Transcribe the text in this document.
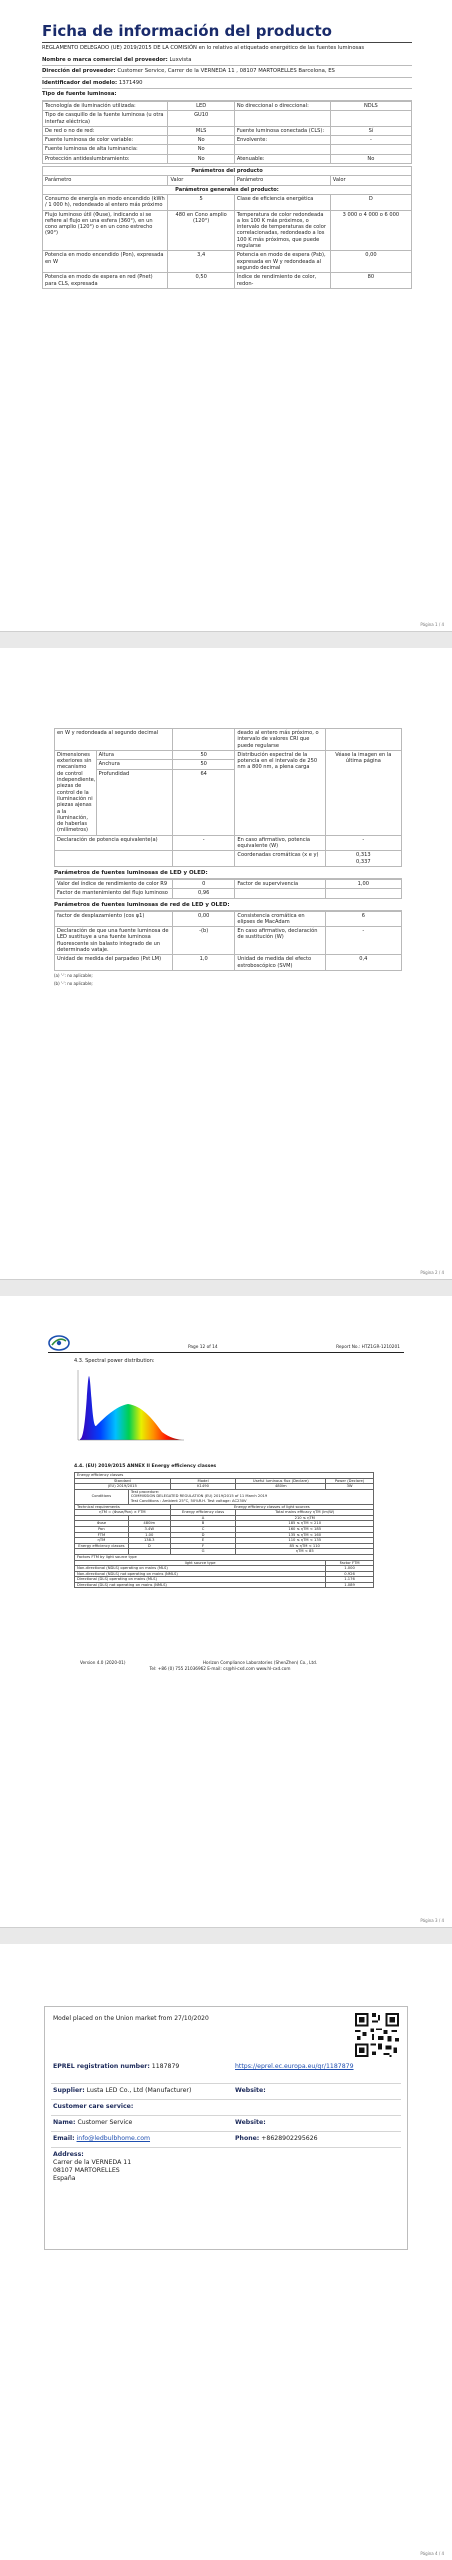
Ficha de información del producto
REGLAMENTO DELEGADO (UE) 2019/2015 DE LA COMISIÓN en lo relativo al etiquetado energético de las fuentes luminosas
Nombre o marca comercial del proveedor: Luxvista
Dirección del proveedor: Customer Service, Carrer de la VERNEDA 11 , 08107 MARTORELLES Barcelona, ES
Identificador del modelo: 1371490
Tipo de fuente luminosa:
Tecnología de iluminación utilizada:	LED	No direccional o direccional:	NDLS
Tipo de casquillo de la fuente luminosa (u otra interfaz eléctrica)	GU10		
De red o no de red:	MLS	Fuente luminosa conectada (CLS):	Sí
Fuente luminosa de color variable:	No	Envolvente:	-
Fuente luminosa de alta luminancia:	No		
Protección antideslumbramiento:	No	Atenuable:	No
Parámetros del producto			
Parámetro	Valor	Parámetro	Valor
Parámetros generales del producto:			
Consumo de energía en modo encendido (kWh / 1 000 h), redondeado al entero más próximo	5	Clase de eficiencia energética	D
Flujo luminoso útil (Φuse), indicando si se refiere al flujo en una esfera (360°), en un cono amplio (120°) o en un cono estrecho (90°)	480 en Cono amplio (120°)	Temperatura de color redondeada a los 100 K más próximos, o intervalo de temperaturas de color correlacionadas, redondeado a los 100 K más próximos, que puede regularse	3 000 o 4 000 o 6 000
Potencia en modo encendido (Pon), expresada en W	3,4	Potencia en modo de espera (Psb), expresada en W y redondeada al segundo decimal	0,00
Potencia en modo de espera en red (Pnet) para CLS, expresada	0,50	Índice de rendimiento de color, redon-	80
Página 1 / 4
en W y redondeada al segundo decimal			deado al entero más próximo, o intervalo de valores CRI que puede regularse	
Dimensiones exteriores sin mecanismo de control independiente, piezas de control de la iluminación ni piezas ajenas a la iluminación, de haberlas (milímetros)	Altura	50	Distribución espectral de la potencia en el intervalo de 250 nm a 800 nm, a plena carga	Véase la imagen en la última página
	Anchura	50		
	Profundidad	64		
Declaración de potencia equivalente(a)		-	En caso afirmativo, potencia equivalente (W)	-
			Coordenadas cromáticas (x e y)	0,313
0,337
Parámetros de fuentes luminosas de LED y OLED:
Valor del índice de rendimiento de color R9	0	Factor de supervivencia	1,00
Factor de mantenimiento del flujo luminoso	0,96		
Parámetros de fuentes luminosas de red de LED y OLED:
factor de desplazamiento (cos φ1)	0,00	Consistencia cromática en elipses de MacAdam	6
Declaración de que una fuente luminosa de LED sustituye a una fuente luminosa fluorescente sin balasto integrado de un determinado vataje.	-(b)	En caso afirmativo, declaración de sustitución (W)	-
Unidad de medida del parpadeo (Pst LM)	1,0	Unidad de medida del efecto estroboscópico (SVM)	0,4
(a) '-': no aplicable;
(b) '-': no aplicable;
Página 2 / 4
Page 12 of 14	Report No.: HTZ1GR-1210201
4.3. Spectral power distribution:
4.4. (EU) 2019/2015 ANNEX II Energy efficiency classes
Energy efficiency classes				
Standard		Model	Useful luminous flux (Declare)	Power (Declare)
(EU) 2019/2015		K1490	480lm	3W
Conditions	Test procedure:
COMMISSION DELEGATED REGULATION (EU) 2019/2015 of 11 March 2019
Test Conditions : Ambient 25°C, 50%R.H. Test voltage: AC230V			

Technical requirements		Energy efficiency classes of light sources		
ηTM = (Φuse/Pon) × FTM		Energy efficiency class	Total mains efficacy ηTM (lm/W)	
		A	210 ≤ ηTM	
Φuse	480lm	B	185 ≤ ηTM < 210	
Pon	3.4W	C	160 ≤ ηTM < 185	
FTM	1.00	D	135 ≤ ηTM < 160	
ηTM	138.3	E	110 ≤ ηTM < 135	
Energy efficiency classes	D	F	85 ≤ ηTM < 110	
		G	ηTM < 85	
Factors FTM by light source type				
light source type				Factor FTM
Non-directional (NDLS) operating on mains (MLS)				1.000
Non-directional (NDLS) not operating on mains (NMLS)				0.926
Directional (DLS) operating on mains (MLS)				1.176
Directional (DLS) not operating on mains (NMLS)				1.089
Version 4.0 (2020-01)	Horizon Compliance Laboratories (ShenZhen) Co., Ltd.
Tel: +86 (0) 755 21036962 E-mail: cs@hl-cxd.com www.hl-cxd.com
Página 3 / 4
Model placed on the Union market from 27/10/2020
EPREL registration number: 1187879	https://eprel.ec.europa.eu/qr/1187879
Supplier: Lusta LED Co., Ltd (Manufacturer)	Website:
Customer care service:
Name: Customer Service	Website:
Email: info@ledbulbhome.com	Phone: +8628902295626
Address:
Carrer de la VERNEDA 11
08107 MARTORELLES
España
Página 4 / 4
